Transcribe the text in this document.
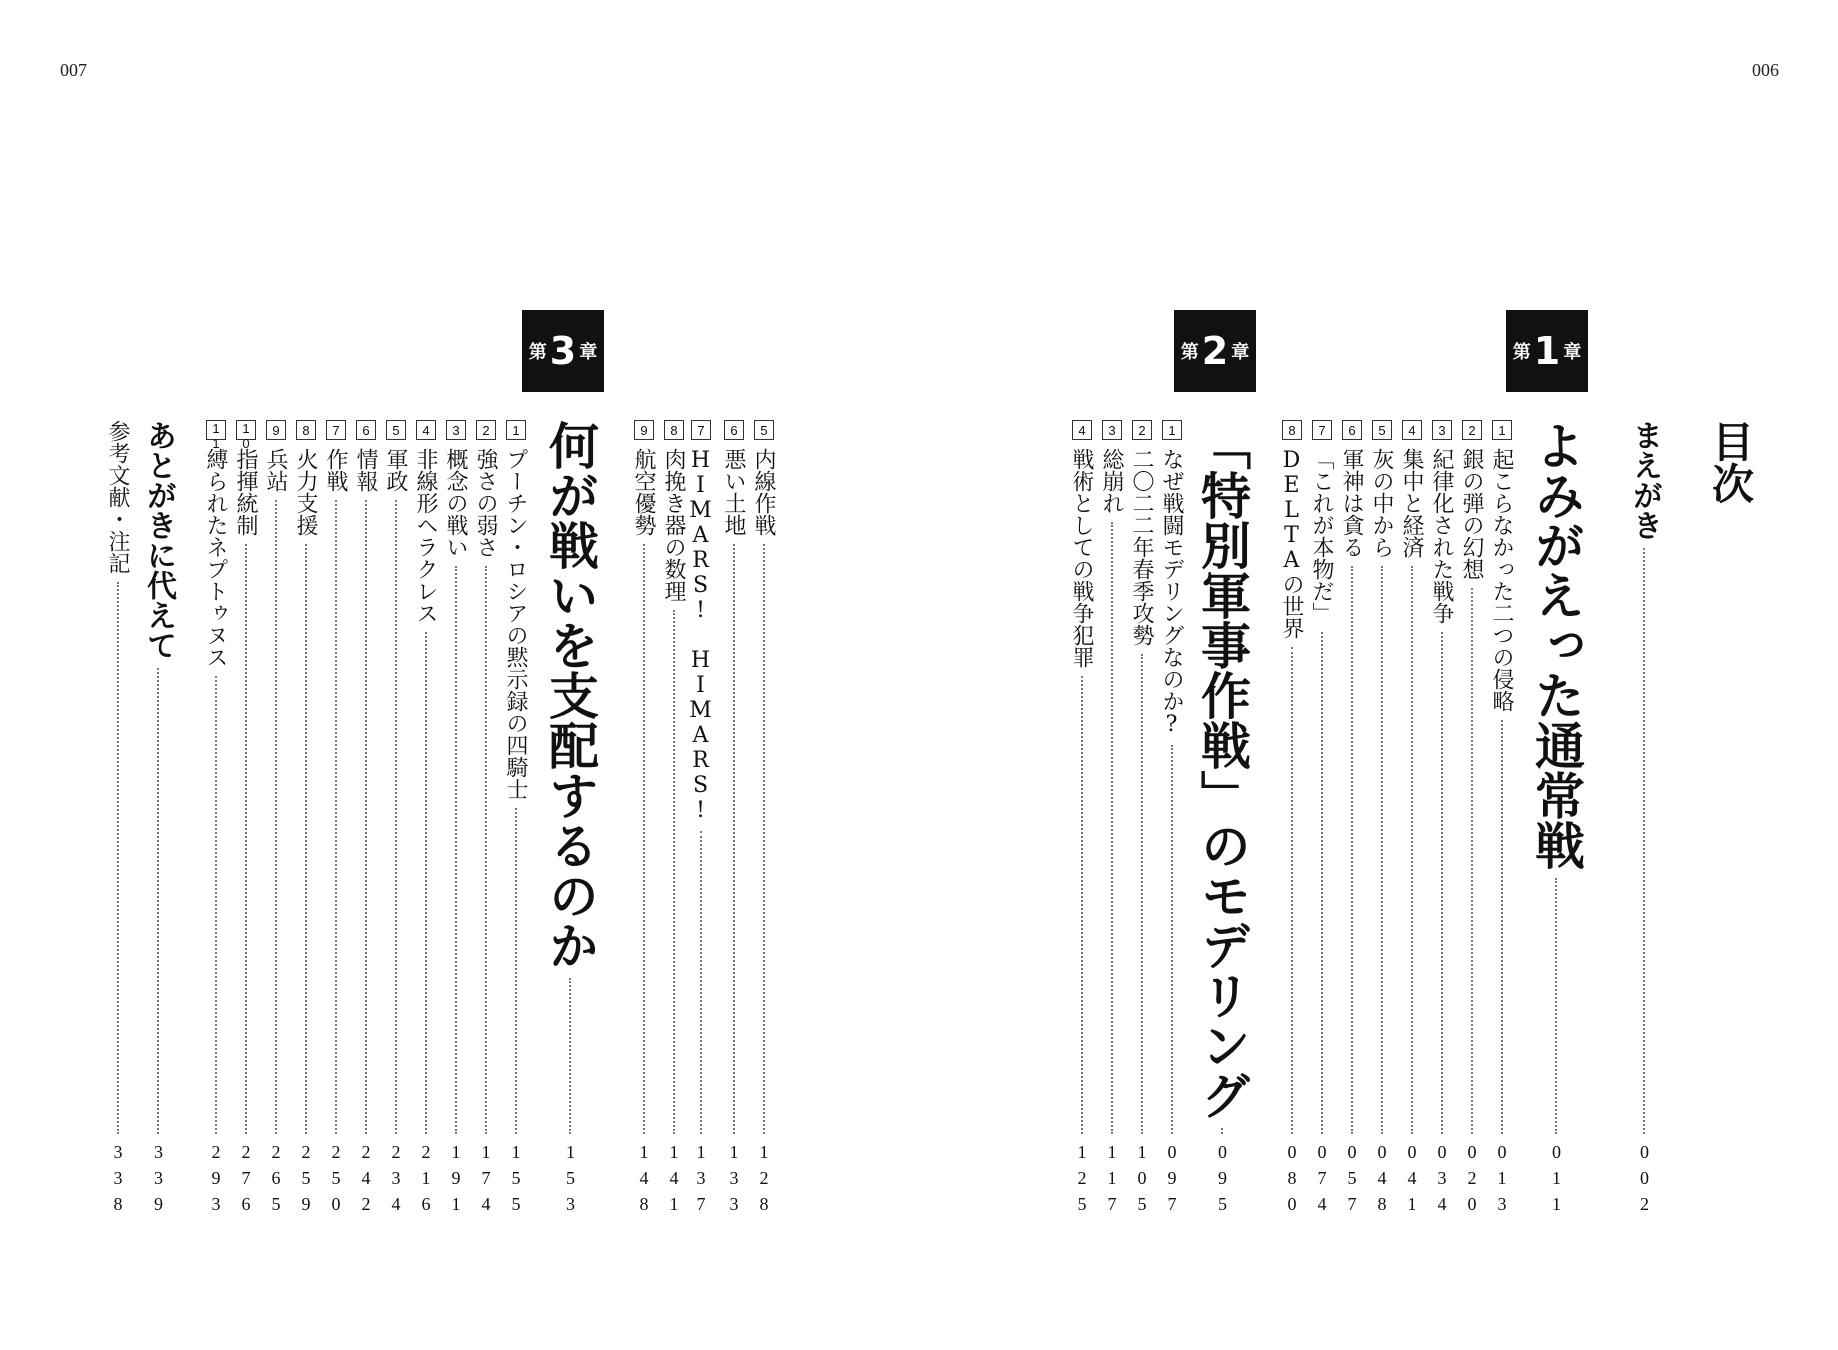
007	006
目次
第 1 章
第 2 章
第 3 章
まえがき
002
よみがえった通常戦
011
1
起こらなかった二つの侵略
013
2
銀の弾の幻想
020
3
紀律化された戦争
034
4
集中と経済
041
5
灰の中から
048
6
軍神は貪る
057
7
「これが本物だ」
074
8
DELTAの世界
080
「特別軍事作戦」のモデリング
095
1
なぜ戦闘モデリングなのか?
097
2
二〇二二年春季攻勢
105
3
総崩れ
117
4
戦術としての戦争犯罪
125
5
内線作戦
128
6
悪い土地
133
7
HIMARS! HIMARS!
137
8
肉挽き器の数理
141
9
航空優勢
148
何が戦いを支配するのか
153
1
プーチン・ロシアの黙示録の四騎士
155
2
強さの弱さ
174
3
概念の戦い
191
4
非線形ヘラクレス
216
5
軍政
234
6
情報
242
7
作戦
250
8
火力支援
259
9
兵站
265
10
指揮統制
276
11
縛られたネプトゥヌス
293
あとがきに代えて
339
参考文献・注記
338
